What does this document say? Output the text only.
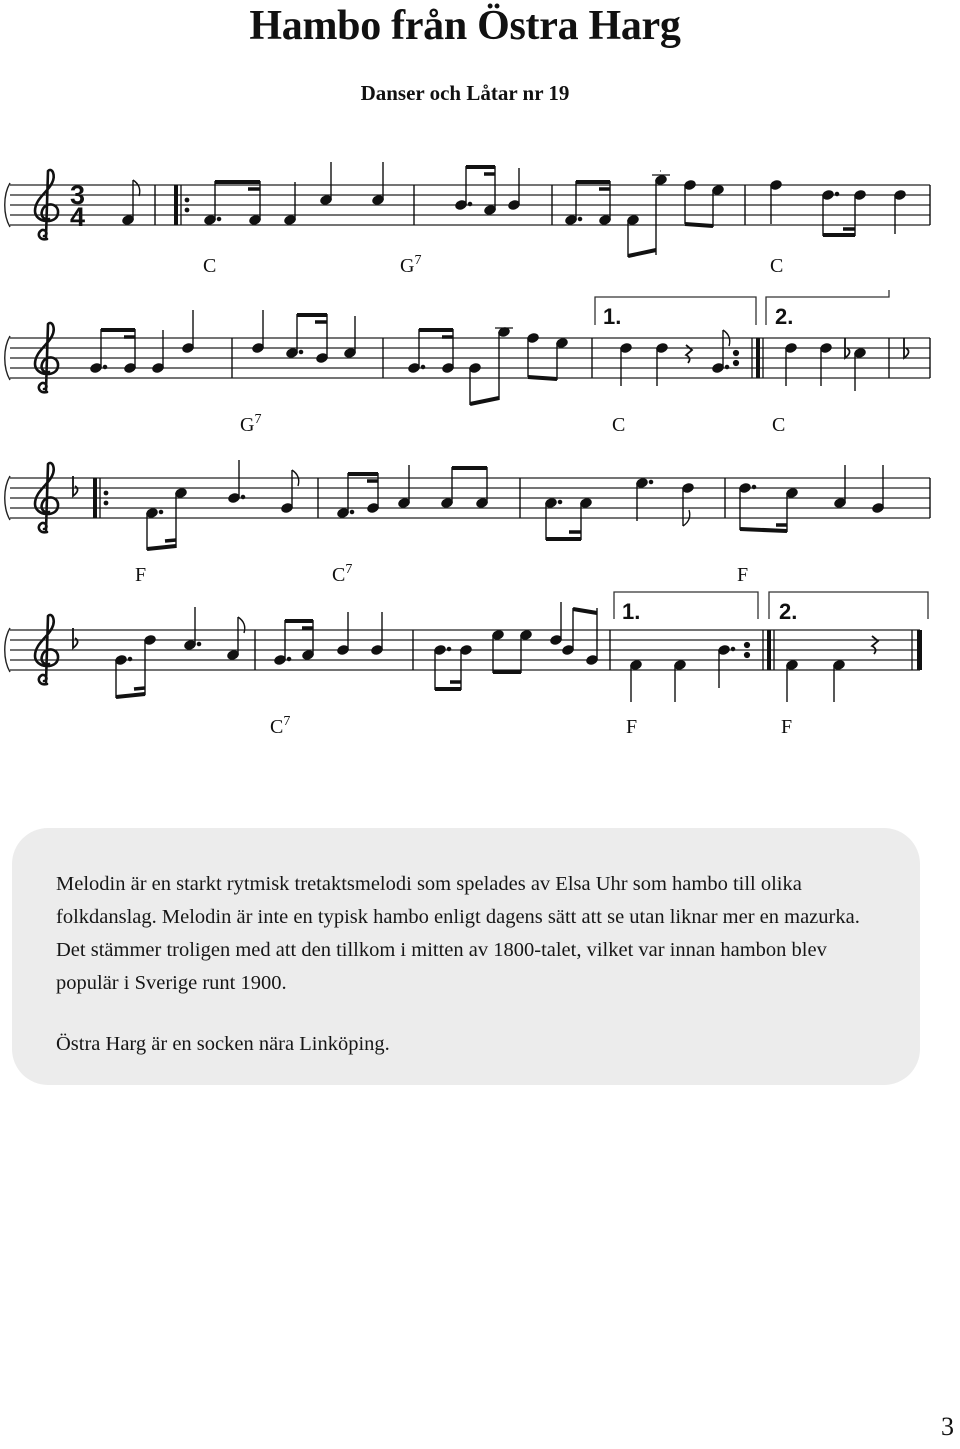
Hambo från Östra Harg
Danser och Låtar nr 19
3
4
C	$G^7$	C
1.	2.
$G^7$	C	C
F	$C^7$	F
1.	2.
$C^7$	F	F

Melodin är en starkt rytmisk tretaktsmelodi som spelades av Elsa Uhr som hambo till olika folkdanslag. Melodin är inte en typisk hambo enligt dagens sätt att se utan liknar mer en mazurka. Det stämmer troligen med att den tillkom i mitten av 1800-talet, vilket var innan hambon blev populär i Sverige runt 1900.

Östra Harg är en socken nära Linköping.

3
